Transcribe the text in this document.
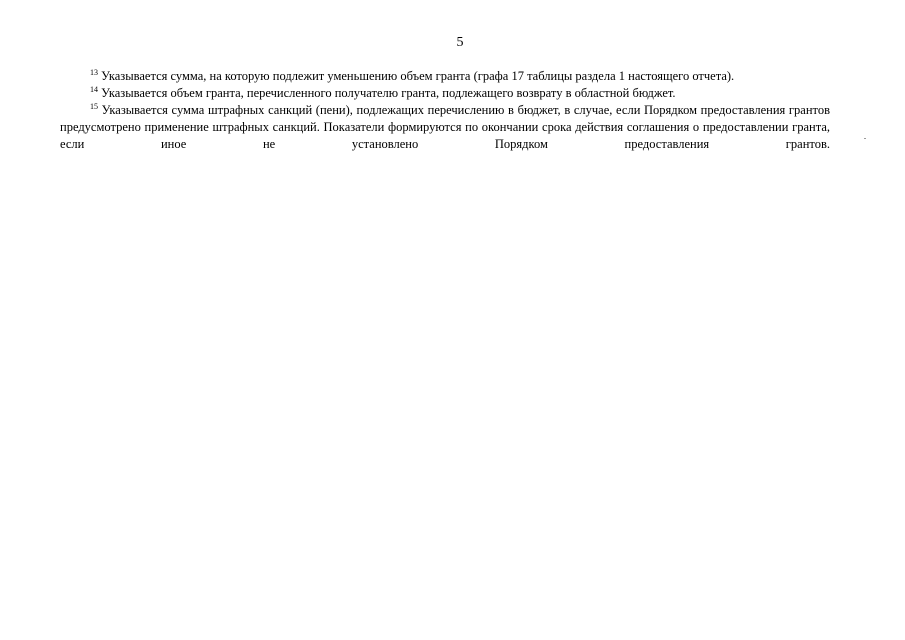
5

$^{13}$ Указывается сумма, на которую подлежит уменьшению объем гранта (графа 17 таблицы раздела 1 настоящего отчета).

$^{14}$ Указывается объем гранта, перечисленного получателю гранта, подлежащего возврату в областной бюджет.

$^{15}$ Указывается сумма штрафных санкций (пени), подлежащих перечислению в бюджет, в случае, если Порядком предоставления грантов предусмотрено применение штрафных санкций. Показатели формируются по окончании срока действия соглашения о предоставлении гранта, если иное не установлено Порядком предоставления грантов.
